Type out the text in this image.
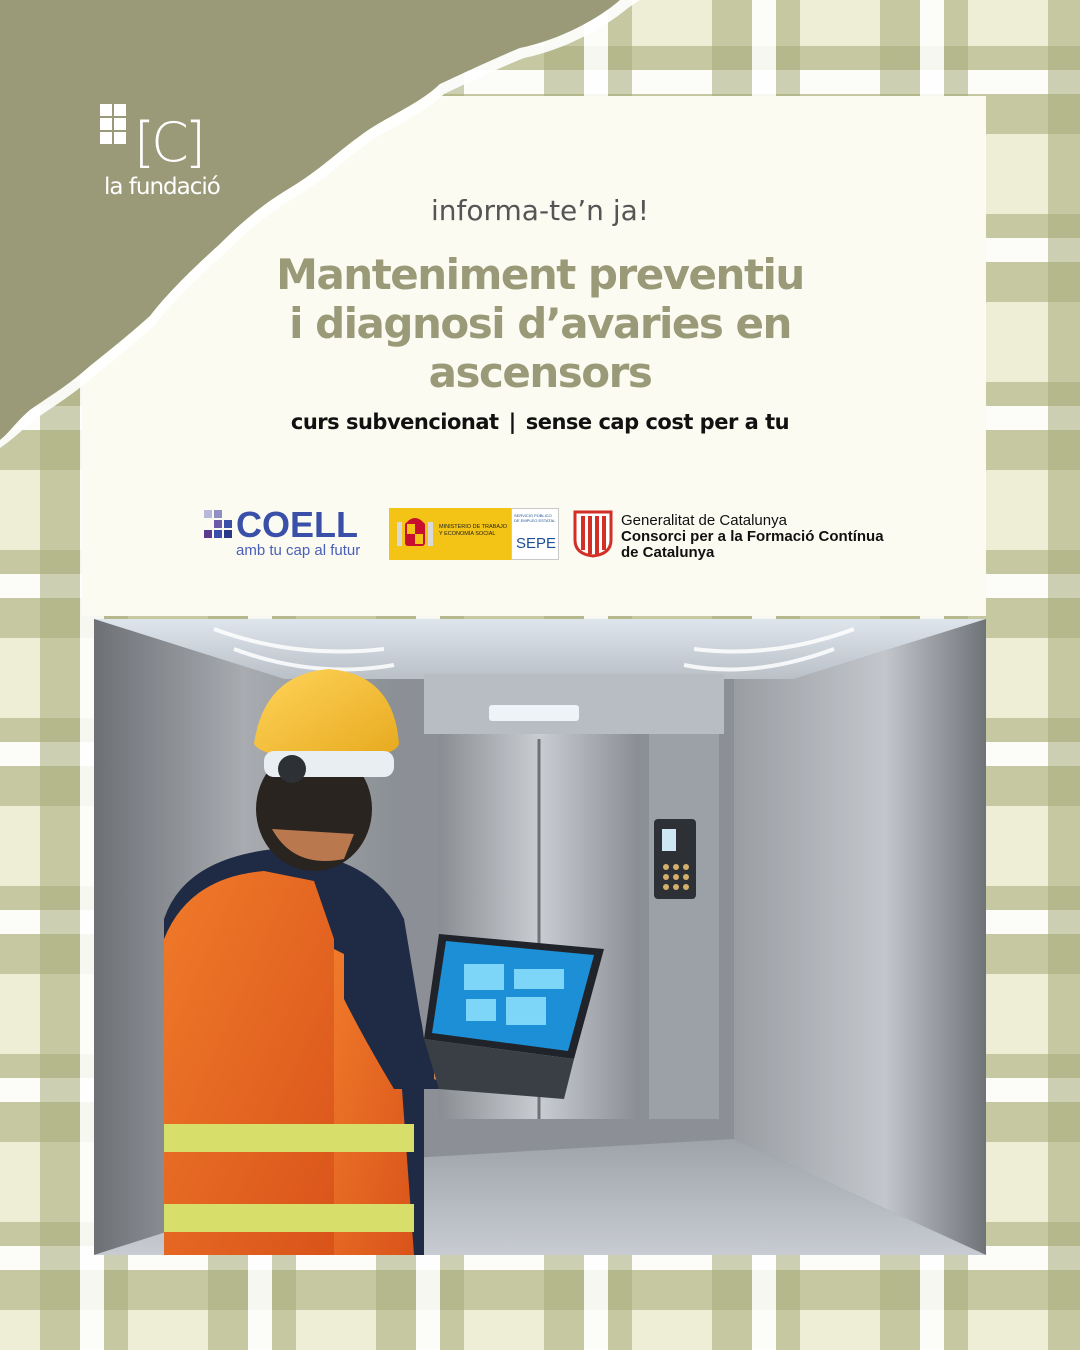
[C]
la fundació
informa-te’n ja!
Manteniment preventiu
i diagnosi d’avaries en
ascensors
curs subvencionat | sense cap cost per a tu
COELL
amb tu cap al futur
MINISTERIO DE TRABAJO Y ECONOMÍA SOCIAL
SERVICIO PÚBLICO DE EMPLEO ESTATAL
SEPE
Generalitat de Catalunya
Consorci per a la Formació Contínua
de Catalunya
